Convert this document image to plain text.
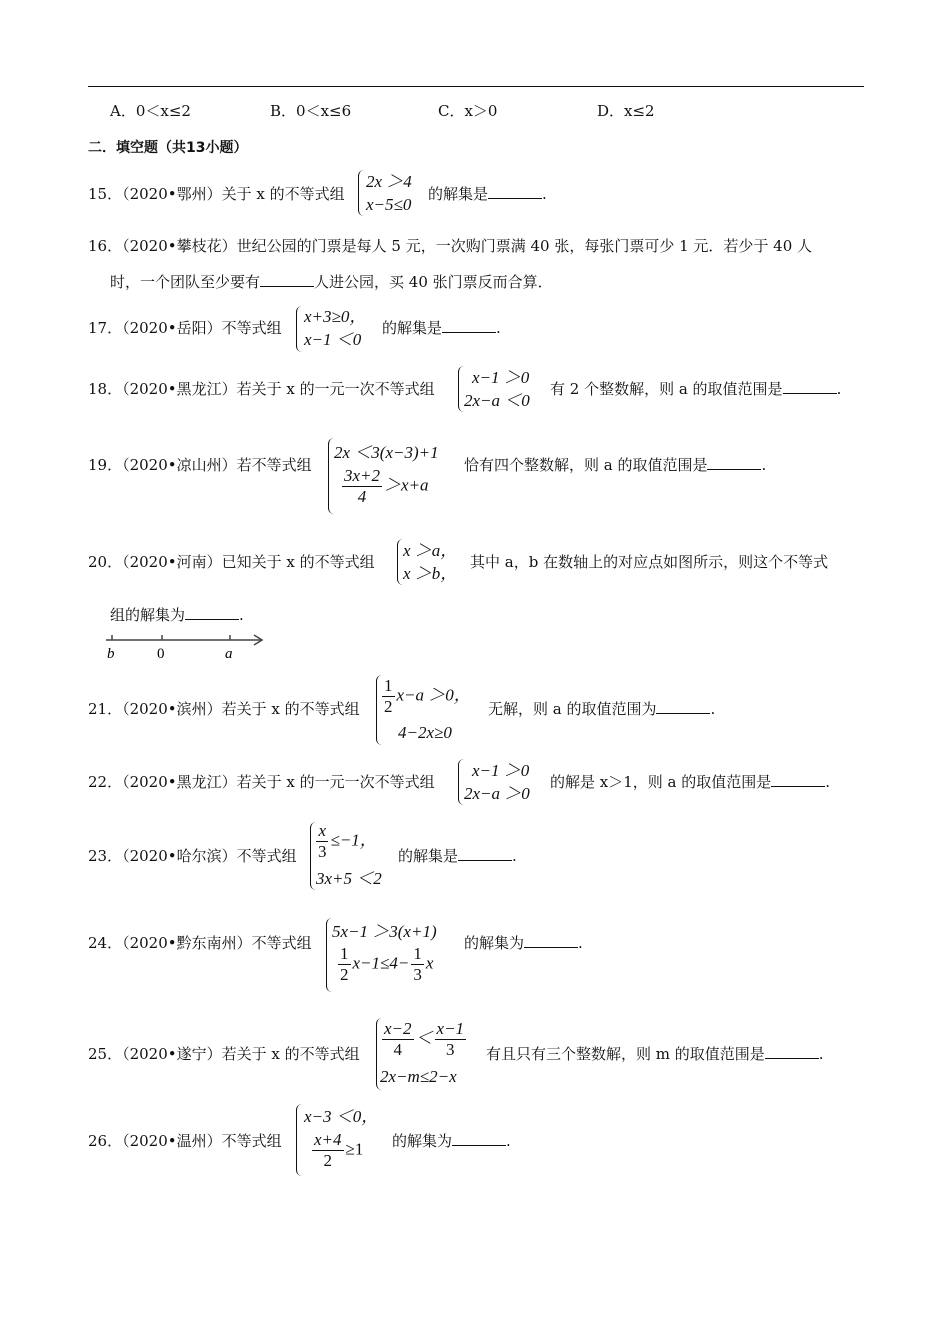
A．0＜x≤2	B．0＜x≤6	C．x＞0	D．x≤2
二．填空题（共13小题）
15．（2020•鄂州）关于 x 的不等式组
2x ＞4
x−5≤0
的解集是	.
16．（2020•攀枝花）世纪公园的门票是每人 5 元，一次购门票满 40 张，每张门票可少 1 元．若少于 40 人
时，一个团队至少要有	人进公园，买 40 张门票反而合算．
17．（2020•岳阳）不等式组
x+3≥0，
x−1 ＜0
的解集是	.
18．（2020•黑龙江）若关于 x 的一元一次不等式组
x−1 ＞0
2x−a ＜0
有 2 个整数解，则 a 的取值范围是	.
19．（2020•凉山州）若不等式组
2x ＜3(x−3)+1
$\frac{3x+2}{4} >x+a$
恰有四个整数解，则 a 的取值范围是	.
20．（2020•河南）已知关于 x 的不等式组
x ＞a，
x ＞b，
其中 a，b 在数轴上的对应点如图所示，则这个不等式
组的解集为	.
b	0	a
21．（2020•滨州）若关于 x 的不等式组 $\frac{1}{2} x-a >0$，
4−2x≥0
无解，则 a 的取值范围为	.
22．（2020•黑龙江）若关于 x 的一元一次不等式组
x−1 ＞0
2x−a ＞0
的解是 x＞1，则 a 的取值范围是	.
23．（2020•哈尔滨）不等式组 $\frac{x}{3} \le-1$，
3x+5 ＜2
的解集是	.
24．（2020•黔东南州）不等式组
5x−1 ＞3(x+1)
$\frac{1}{2} x-1\le 4- \frac{1}{3}$ x
的解集为	.
25．（2020•遂宁）若关于 x 的不等式组 $\frac{x-2}{4} < \frac{x-1}{3}$
2x−m≤2−x
有且只有三个整数解，则 m 的取值范围是	.
26．（2020•温州）不等式组
x−3 ＜0，
$\frac{x+4}{2} \ge 1$ 的解集为	.
